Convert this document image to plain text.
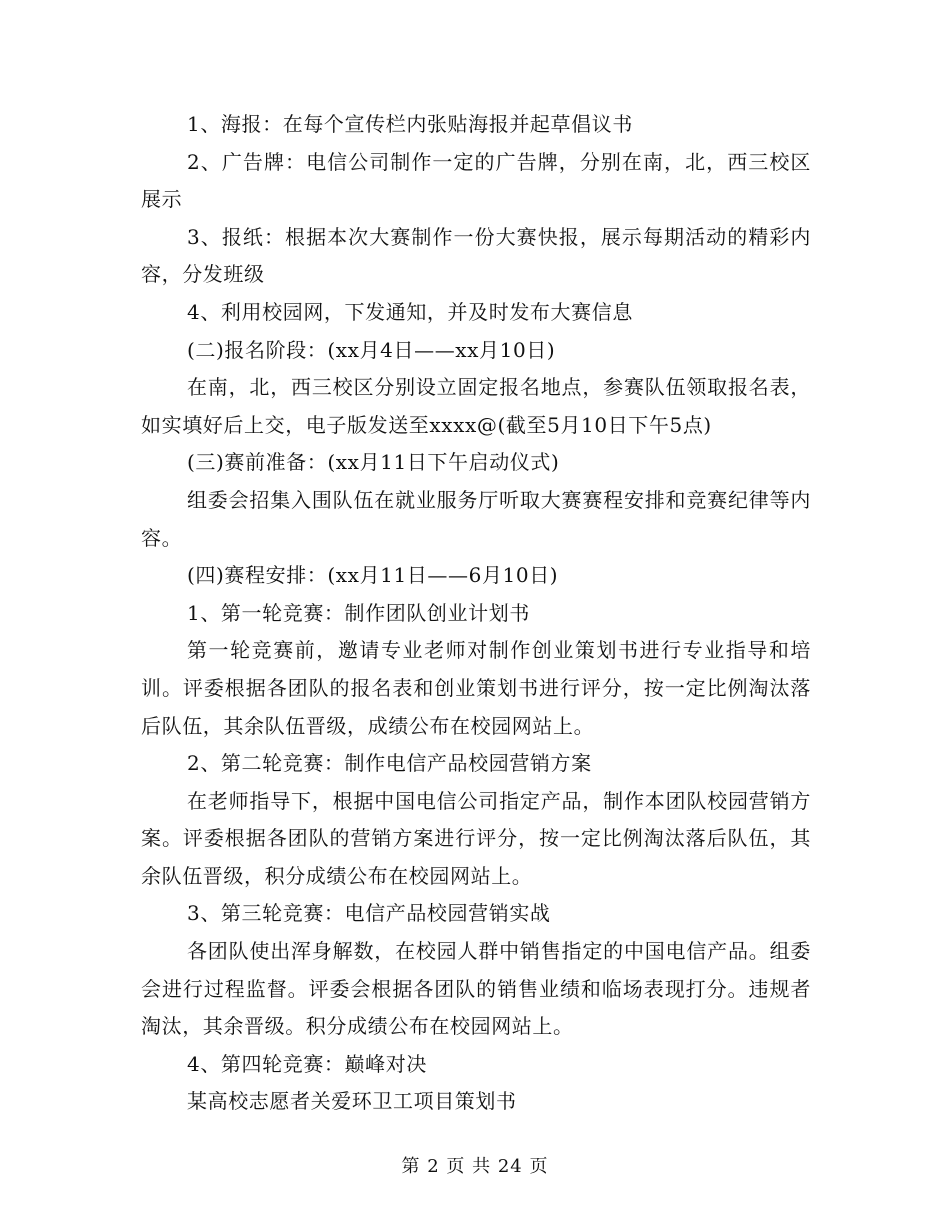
1、海报：在每个宣传栏内张贴海报并起草倡议书

2、广告牌：电信公司制作一定的广告牌，分别在南，北，西三校区展示

3、报纸：根据本次大赛制作一份大赛快报，展示每期活动的精彩内容，分发班级

4、利用校园网，下发通知，并及时发布大赛信息

(二)报名阶段：(xx月4日——xx月10日)

在南，北，西三校区分别设立固定报名地点，参赛队伍领取报名表，如实填好后上交，电子版发送至xxxx@(截至5月10日下午5点)

(三)赛前准备：(xx月11日下午启动仪式)

组委会招集入围队伍在就业服务厅听取大赛赛程安排和竞赛纪律等内容。

(四)赛程安排：(xx月11日——6月10日)

1、第一轮竞赛：制作团队创业计划书

第一轮竞赛前，邀请专业老师对制作创业策划书进行专业指导和培训。评委根据各团队的报名表和创业策划书进行评分，按一定比例淘汰落后队伍，其余队伍晋级，成绩公布在校园网站上。

2、第二轮竞赛：制作电信产品校园营销方案

在老师指导下，根据中国电信公司指定产品，制作本团队校园营销方案。评委根据各团队的营销方案进行评分，按一定比例淘汰落后队伍，其余队伍晋级，积分成绩公布在校园网站上。

3、第三轮竞赛：电信产品校园营销实战

各团队使出浑身解数，在校园人群中销售指定的中国电信产品。组委会进行过程监督。评委会根据各团队的销售业绩和临场表现打分。违规者淘汰，其余晋级。积分成绩公布在校园网站上。

4、第四轮竞赛：巅峰对决

某高校志愿者关爱环卫工项目策划书

第 2 页 共 24 页
